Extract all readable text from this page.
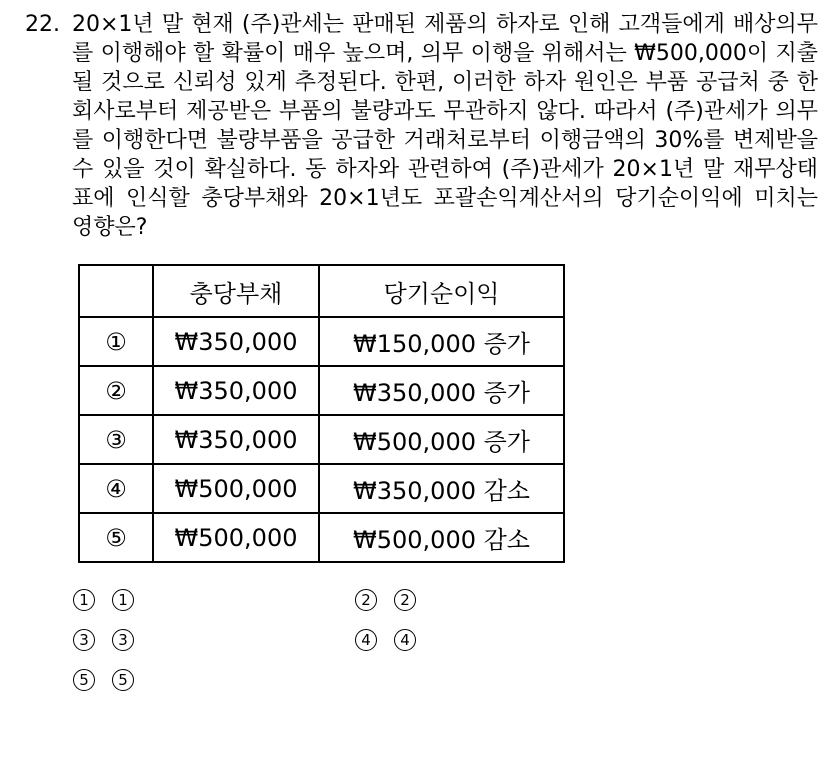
22. 20×1년 말 현재 (주)관세는 판매된 제품의 하자로 인해 고객들에게 배상의무를 이행해야 할 확률이 매우 높으며, 의무 이행을 위해서는 ₩500,000이 지출될 것으로 신뢰성 있게 추정된다. 한편, 이러한 하자 원인은 부품 공급처 중 한 회사로부터 제공받은 부품의 불량과도 무관하지 않다. 따라서 (주)관세가 의무를 이행한다면 불량부품을 공급한 거래처로부터 이행금액의 30%를 변제받을 수 있을 것이 확실하다. 동 하자와 관련하여 (주)관세가 20×1년 말 재무상태표에 인식할 충당부채와 20×1년도 포괄손익계산서의 당기순이익에 미치는 영향은?
	충당부채	당기순이익
①	₩350,000	₩150,000 증가
②	₩350,000	₩350,000 증가
③	₩350,000	₩500,000 증가
④	₩500,000	₩350,000 감소
⑤	₩500,000	₩500,000 감소
1	1	2	2
3	3	4	4
5	5
